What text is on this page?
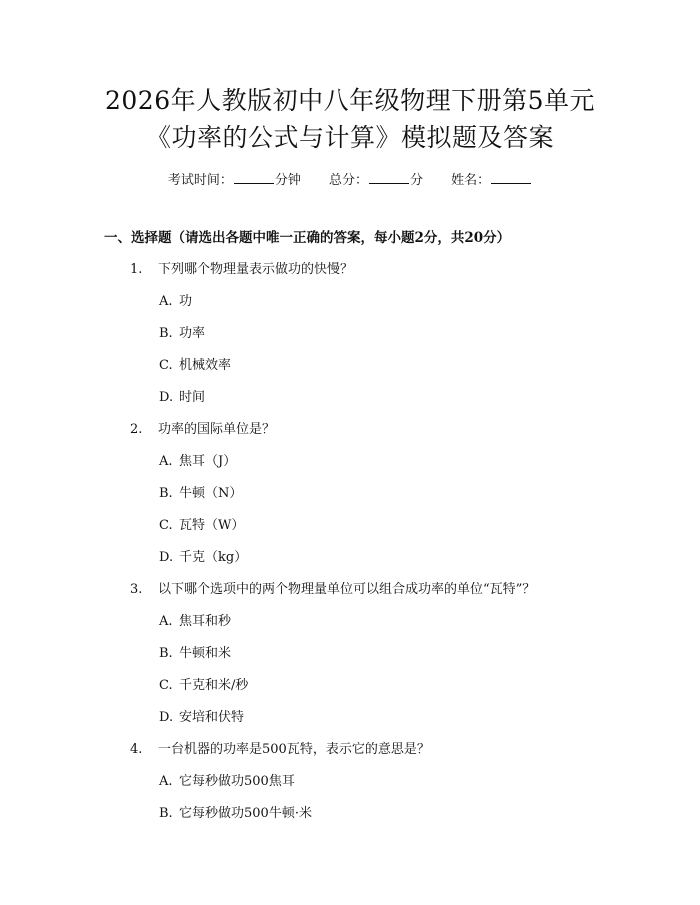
2026年人教版初中八年级物理下册第5单元
《功率的公式与计算》模拟题及答案
考试时间：	分钟 总分：	分 姓名：
一、选择题（请选出各题中唯一正确的答案，每小题2分，共20分）
1. 下列哪个物理量表示做功的快慢？
A. 功
B. 功率
C. 机械效率
D. 时间
2. 功率的国际单位是？
A. 焦耳（J）
B. 牛顿（N）
C. 瓦特（W）
D. 千克（kg）
3. 以下哪个选项中的两个物理量单位可以组合成功率的单位“瓦特”？
A. 焦耳和秒
B. 牛顿和米
C. 千克和米/秒
D. 安培和伏特
4. 一台机器的功率是500瓦特，表示它的意思是？
A. 它每秒做功500焦耳
B. 它每秒做功500牛顿·米
